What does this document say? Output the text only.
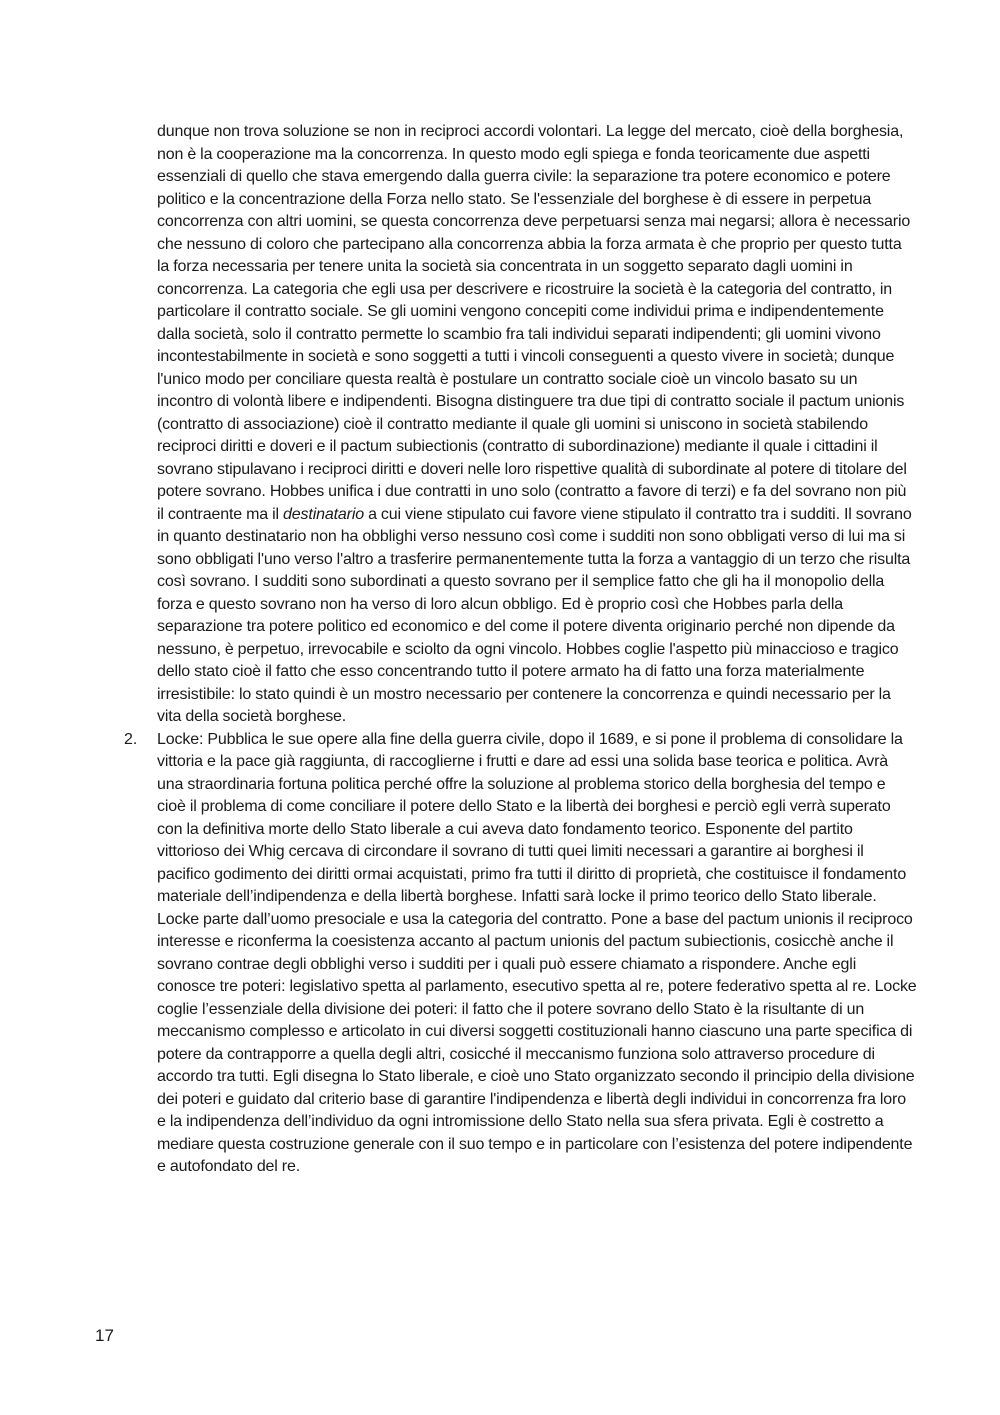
dunque non trova soluzione se non in reciproci accordi volontari. La legge del mercato, cioè della borghesia, non è la cooperazione ma la concorrenza. In questo modo egli spiega e fonda teoricamente due aspetti essenziali di quello che stava emergendo dalla guerra civile: la separazione tra potere economico e potere politico e la concentrazione della Forza nello stato. Se l'essenziale del borghese è di essere in perpetua concorrenza con altri uomini, se questa concorrenza deve perpetuarsi senza mai negarsi; allora è necessario che nessuno di coloro che partecipano alla concorrenza abbia la forza armata è che proprio per questo tutta la forza necessaria per tenere unita la società sia concentrata in un soggetto separato dagli uomini in concorrenza. La categoria che egli usa per descrivere e ricostruire la società è la categoria del contratto, in particolare il contratto sociale. Se gli uomini vengono concepiti come individui prima e indipendentemente dalla società, solo il contratto permette lo scambio fra tali individui separati indipendenti; gli uomini vivono incontestabilmente in società e sono soggetti a tutti i vincoli conseguenti a questo vivere in società; dunque l'unico modo per conciliare questa realtà è postulare un contratto sociale cioè un vincolo basato su un incontro di volontà libere e indipendenti. Bisogna distinguere tra due tipi di contratto sociale il pactum unionis (contratto di associazione) cioè il contratto mediante il quale gli uomini si uniscono in società stabilendo reciproci diritti e doveri e il pactum subiectionis (contratto di subordinazione) mediante il quale i cittadini il sovrano stipulavano i reciproci diritti e doveri nelle loro rispettive qualità di subordinate al potere di titolare del potere sovrano. Hobbes unifica i due contratti in uno solo (contratto a favore di terzi) e fa del sovrano non più il contraente ma il destinatario a cui viene stipulato cui favore viene stipulato il contratto tra i sudditi. Il sovrano in quanto destinatario non ha obblighi verso nessuno così come i sudditi non sono obbligati verso di lui ma si sono obbligati l'uno verso l'altro a trasferire permanentemente tutta la forza a vantaggio di un terzo che risulta così sovrano. I sudditi sono subordinati a questo sovrano per il semplice fatto che gli ha il monopolio della forza e questo sovrano non ha verso di loro alcun obbligo. Ed è proprio così che Hobbes parla della separazione tra potere politico ed economico e del come il potere diventa originario perché non dipende da nessuno, è perpetuo, irrevocabile e sciolto da ogni vincolo. Hobbes coglie l'aspetto più minaccioso e tragico dello stato cioè il fatto che esso concentrando tutto il potere armato ha di fatto una forza materialmente irresistibile: lo stato quindi è un mostro necessario per contenere la concorrenza e quindi necessario per la vita della società borghese.

2. Locke: Pubblica le sue opere alla fine della guerra civile, dopo il 1689, e si pone il problema di consolidare la vittoria e la pace già raggiunta, di raccoglierne i frutti e dare ad essi una solida base teorica e politica. Avrà una straordinaria fortuna politica perché offre la soluzione al problema storico della borghesia del tempo e cioè il problema di come conciliare il potere dello Stato e la libertà dei borghesi e perciò egli verrà superato con la definitiva morte dello Stato liberale a cui aveva dato fondamento teorico. Esponente del partito vittorioso dei Whig cercava di circondare il sovrano di tutti quei limiti necessari a garantire ai borghesi il pacifico godimento dei diritti ormai acquistati, primo fra tutti il diritto di proprietà, che costituisce il fondamento materiale dell’indipendenza e della libertà borghese. Infatti sarà locke il primo teorico dello Stato liberale. Locke parte dall’uomo presociale e usa la categoria del contratto. Pone a base del pactum unionis il reciproco interesse e riconferma la coesistenza accanto al pactum unionis del pactum subiectionis, cosicchè anche il sovrano contrae degli obblighi verso i sudditi per i quali può essere chiamato a rispondere. Anche egli conosce tre poteri: legislativo spetta al parlamento, esecutivo spetta al re, potere federativo spetta al re. Locke coglie l’essenziale della divisione dei poteri: il fatto che il potere sovrano dello Stato è la risultante di un meccanismo complesso e articolato in cui diversi soggetti costituzionali hanno ciascuno una parte specifica di potere da contrapporre a quella degli altri, cosicché il meccanismo funziona solo attraverso procedure di accordo tra tutti. Egli disegna lo Stato liberale, e cioè uno Stato organizzato secondo il principio della divisione dei poteri e guidato dal criterio base di garantire l'indipendenza e libertà degli individui in concorrenza fra loro e la indipendenza dell’individuo da ogni intromissione dello Stato nella sua sfera privata. Egli è costretto a mediare questa costruzione generale con il suo tempo e in particolare con l’esistenza del potere indipendente e autofondato del re.

17
